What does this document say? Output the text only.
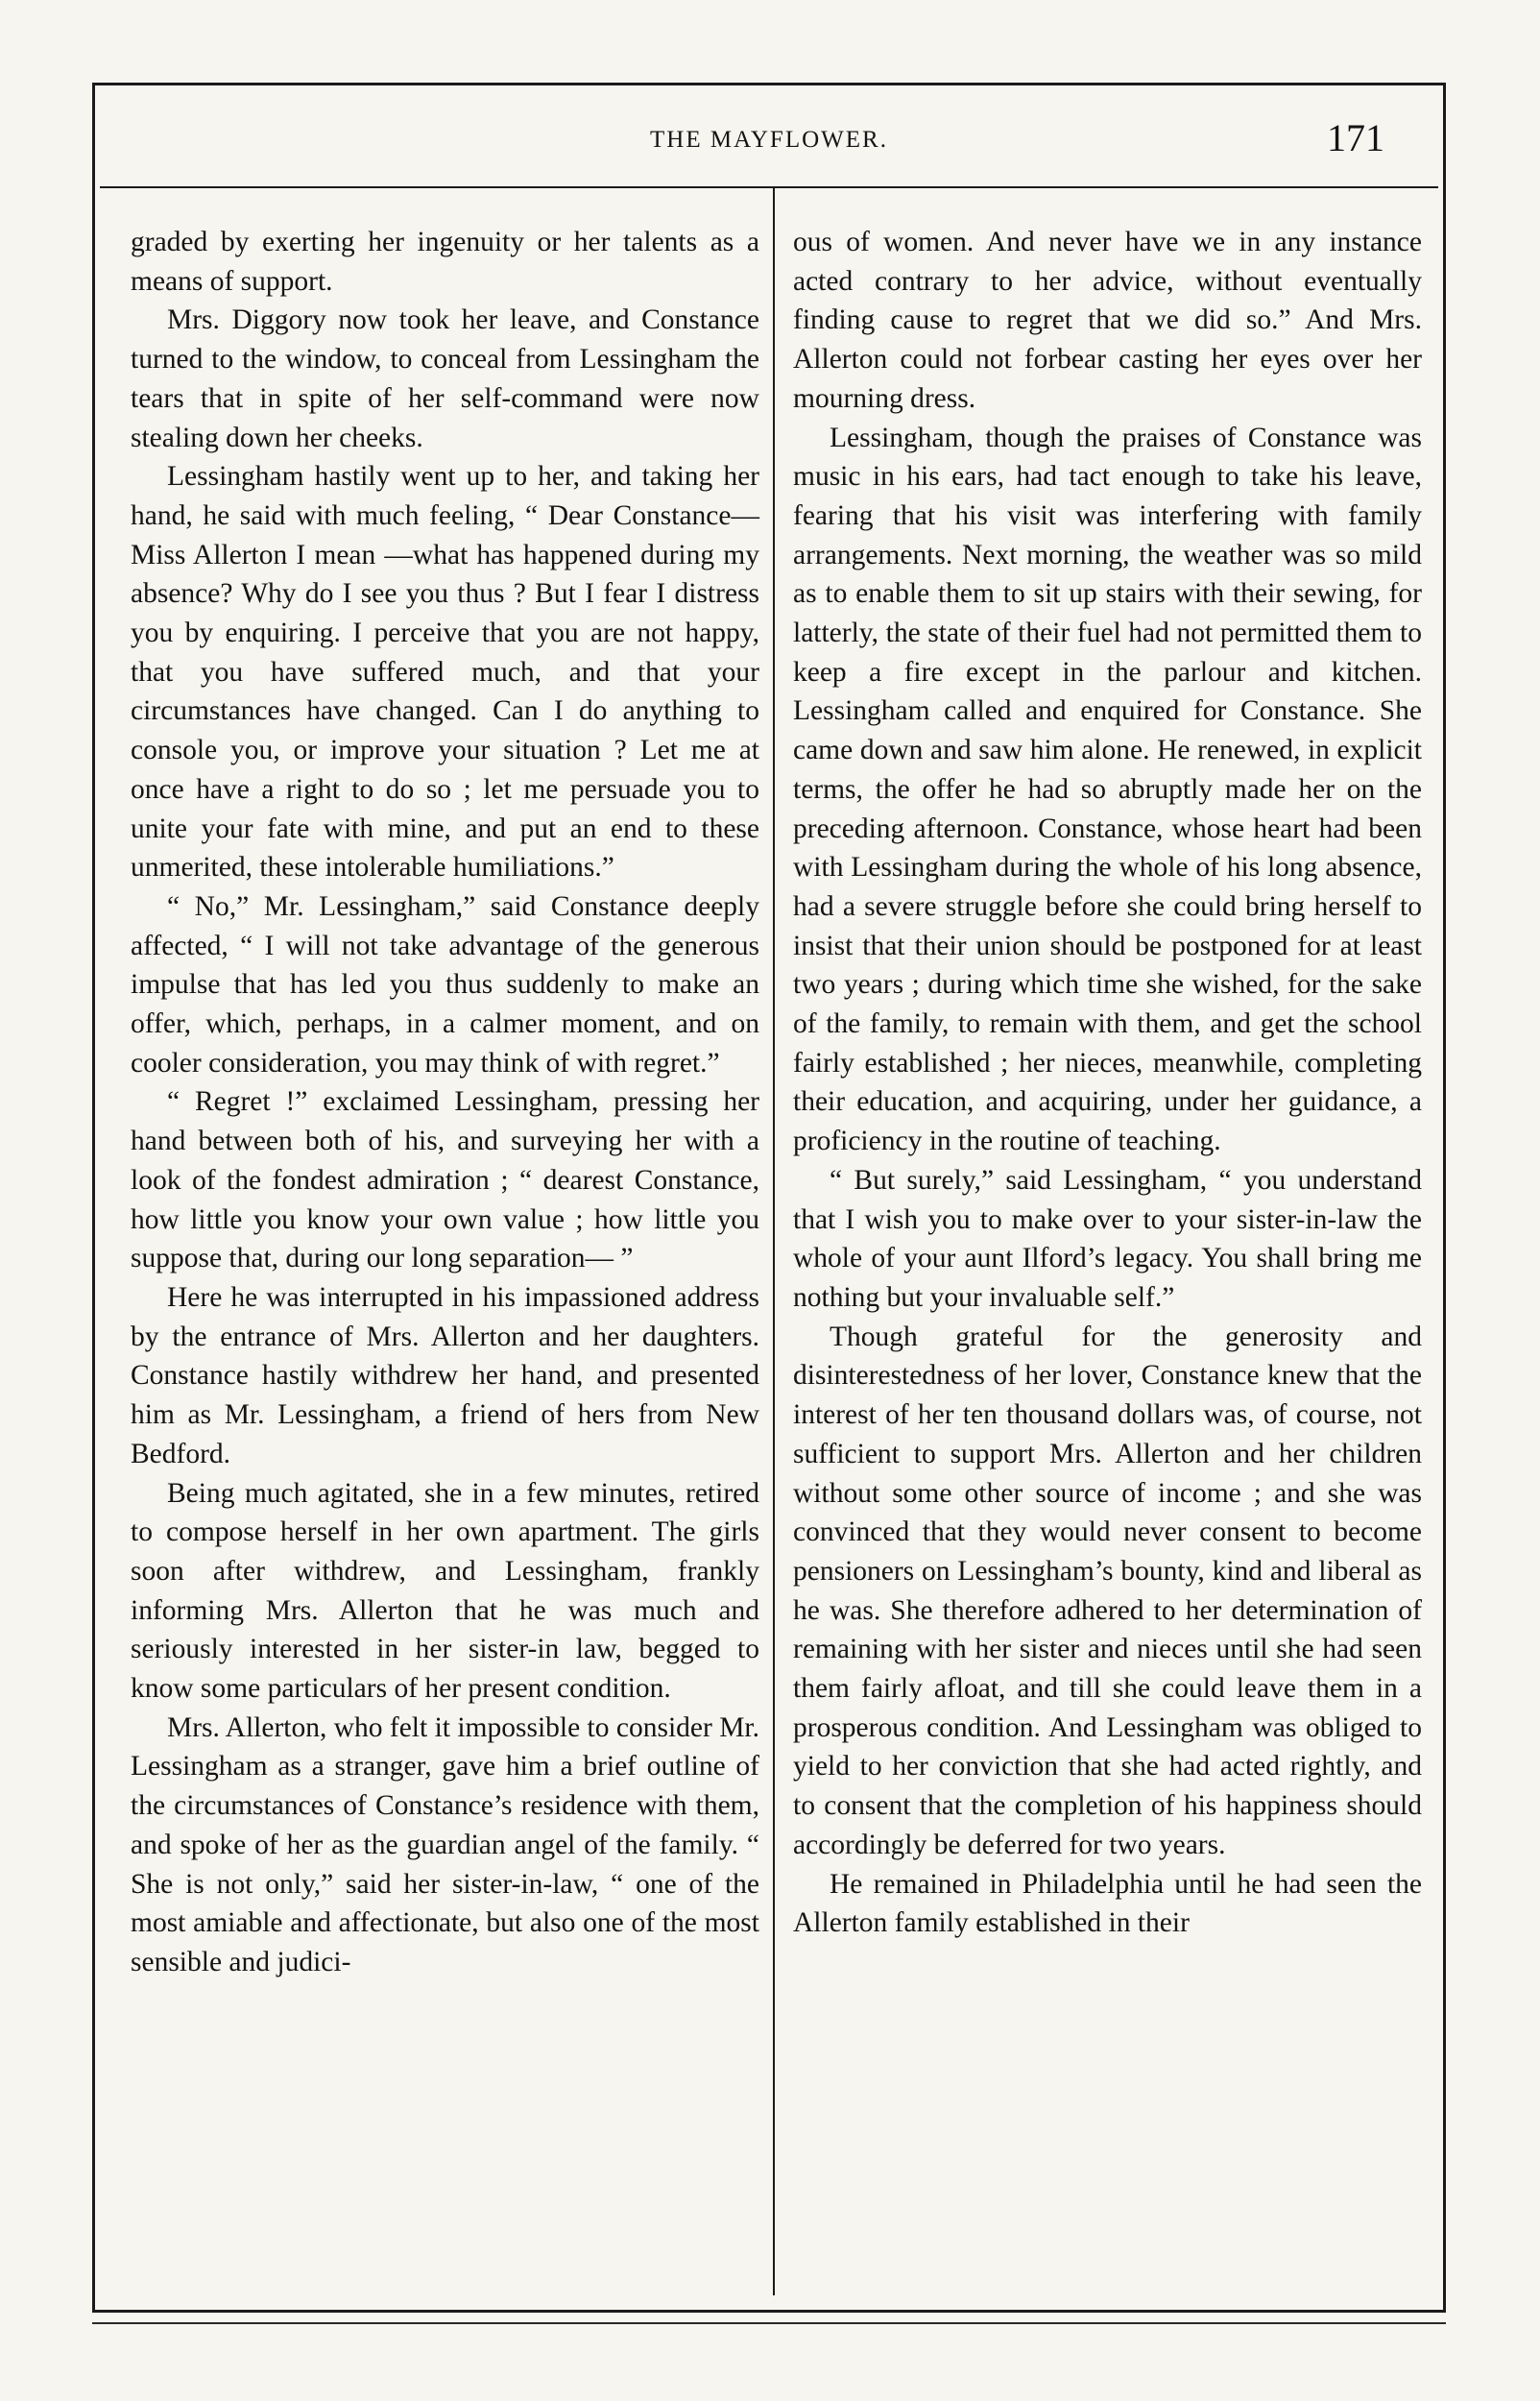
THE MAYFLOWER.	171

graded by exerting her ingenuity or her talents as a means of support.

Mrs. Diggory now took her leave, and Constance turned to the window, to conceal from Lessingham the tears that in spite of her self-command were now stealing down her cheeks.

Lessingham hastily went up to her, and taking her hand, he said with much feeling, “ Dear Constance—Miss Allerton I mean —what has happened during my absence? Why do I see you thus ? But I fear I distress you by enquiring. I perceive that you are not happy, that you have suffered much, and that your circumstances have changed. Can I do anything to console you, or improve your situation ? Let me at once have a right to do so ; let me persuade you to unite your fate with mine, and put an end to these unmerited, these intolerable humiliations.”

“ No,” Mr. Lessingham,” said Constance deeply affected, “ I will not take advantage of the generous impulse that has led you thus suddenly to make an offer, which, perhaps, in a calmer moment, and on cooler consideration, you may think of with regret.”

“ Regret !” exclaimed Lessingham, pressing her hand between both of his, and surveying her with a look of the fondest admiration ; “ dearest Constance, how little you know your own value ; how little you suppose that, during our long separation— ”

Here he was interrupted in his impassioned address by the entrance of Mrs. Allerton and her daughters. Constance hastily withdrew her hand, and presented him as Mr. Lessingham, a friend of hers from New Bedford.

Being much agitated, she in a few minutes, retired to compose herself in her own apartment. The girls soon after withdrew, and Lessingham, frankly informing Mrs. Allerton that he was much and seriously interested in her sister-in law, begged to know some particulars of her present condition.

Mrs. Allerton, who felt it impossible to consider Mr. Lessingham as a stranger, gave him a brief outline of the circumstances of Constance’s residence with them, and spoke of her as the guardian angel of the family. “ She is not only,” said her sister-in-law, “ one of the most amiable and affectionate, but also one of the most sensible and judici-

ous of women. And never have we in any instance acted contrary to her advice, without eventually finding cause to regret that we did so.” And Mrs. Allerton could not forbear casting her eyes over her mourning dress.

Lessingham, though the praises of Constance was music in his ears, had tact enough to take his leave, fearing that his visit was interfering with family arrangements. Next morning, the weather was so mild as to enable them to sit up stairs with their sewing, for latterly, the state of their fuel had not permitted them to keep a fire except in the parlour and kitchen. Lessingham called and enquired for Constance. She came down and saw him alone. He renewed, in explicit terms, the offer he had so abruptly made her on the preceding afternoon. Constance, whose heart had been with Lessingham during the whole of his long absence, had a severe struggle before she could bring herself to insist that their union should be postponed for at least two years ; during which time she wished, for the sake of the family, to remain with them, and get the school fairly established ; her nieces, meanwhile, completing their education, and acquiring, under her guidance, a proficiency in the routine of teaching.

“ But surely,” said Lessingham, “ you understand that I wish you to make over to your sister-in-law the whole of your aunt Ilford’s legacy. You shall bring me nothing but your invaluable self.”

Though grateful for the generosity and disinterestedness of her lover, Constance knew that the interest of her ten thousand dollars was, of course, not sufficient to support Mrs. Allerton and her children without some other source of income ; and she was convinced that they would never consent to become pensioners on Lessingham’s bounty, kind and liberal as he was. She therefore adhered to her determination of remaining with her sister and nieces until she had seen them fairly afloat, and till she could leave them in a prosperous condition. And Lessingham was obliged to yield to her conviction that she had acted rightly, and to consent that the completion of his happiness should accordingly be deferred for two years.

He remained in Philadelphia until he had seen the Allerton family established in their
